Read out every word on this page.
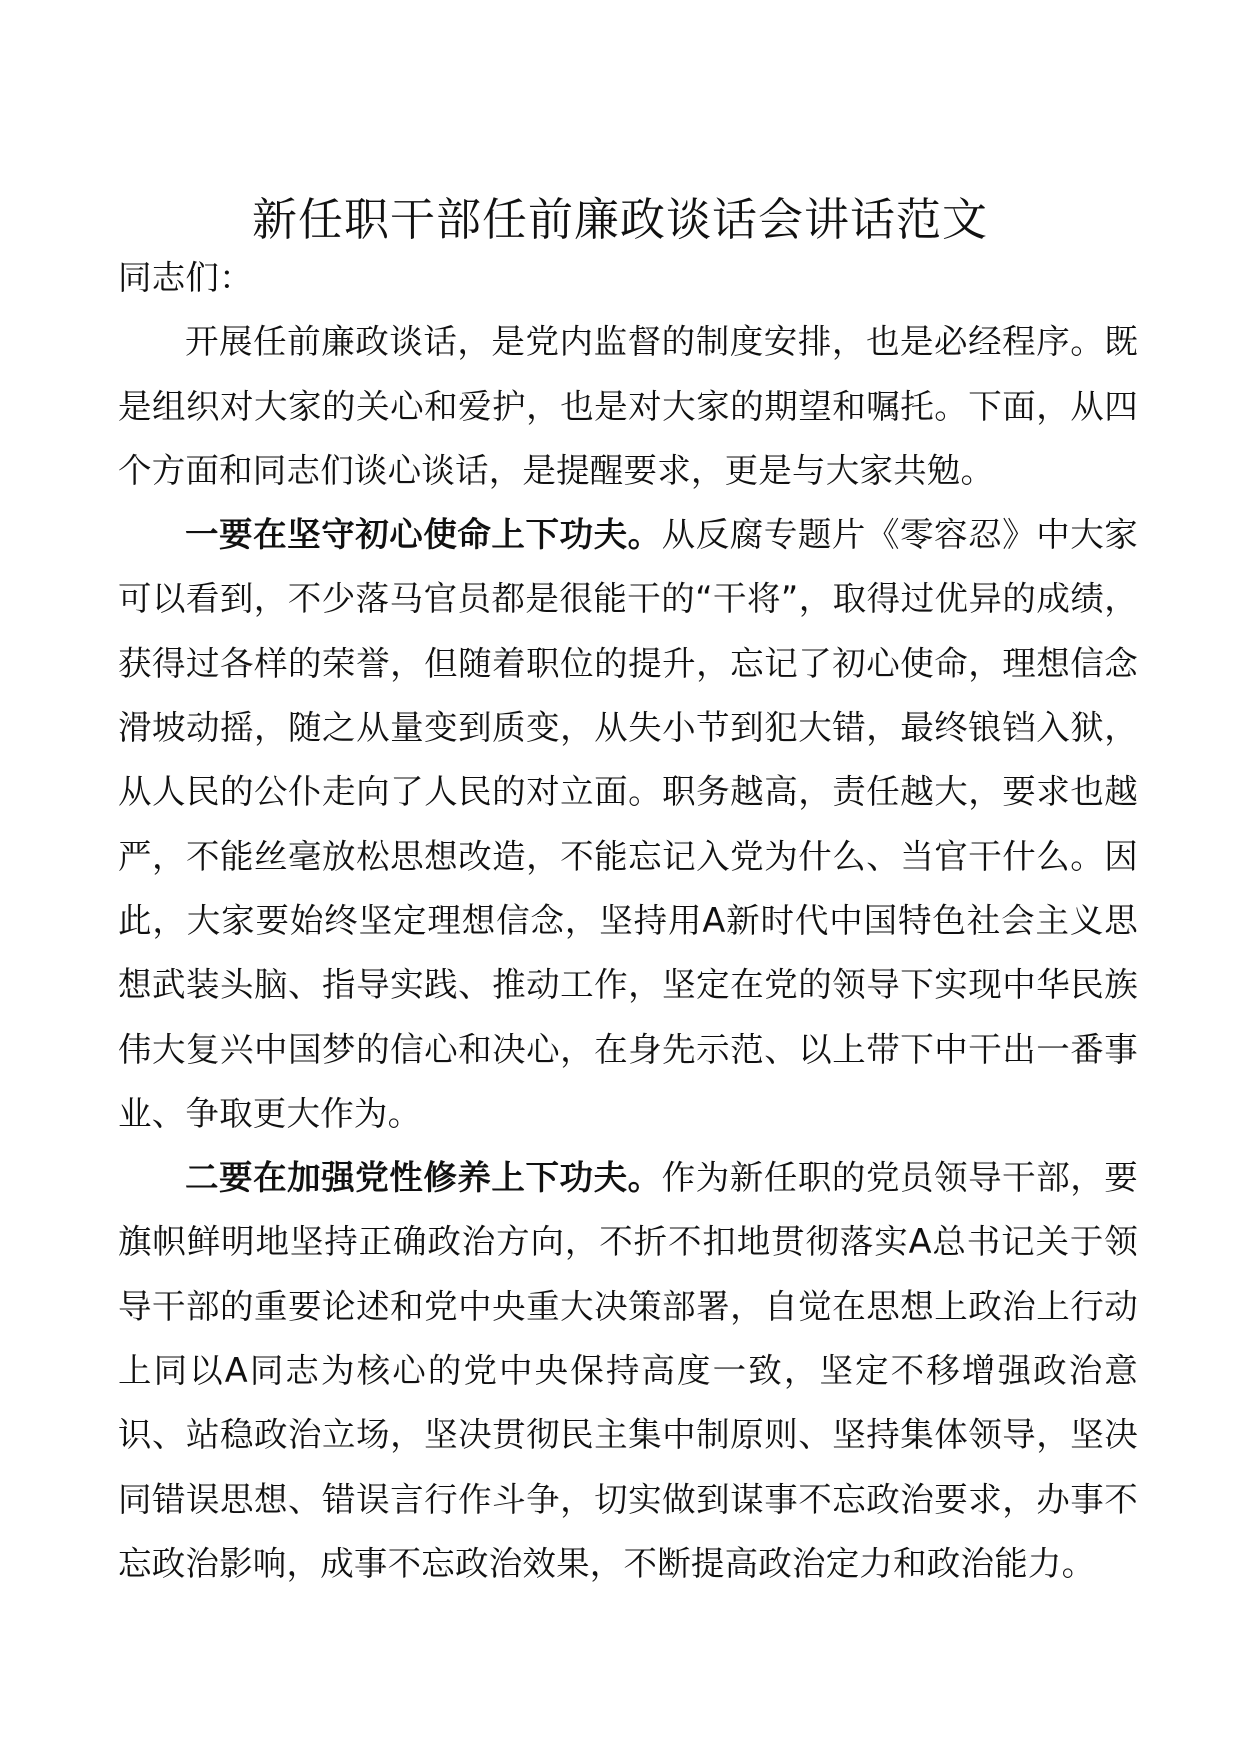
新任职干部任前廉政谈话会讲话范文

同志们：

开展任前廉政谈话，是党内监督的制度安排，也是必经程序。既是组织对大家的关心和爱护，也是对大家的期望和嘱托。下面，从四个方面和同志们谈心谈话，是提醒要求，更是与大家共勉。

一要在坚守初心使命上下功夫。从反腐专题片《零容忍》中大家可以看到，不少落马官员都是很能干的“干将”，取得过优异的成绩，获得过各样的荣誉，但随着职位的提升，忘记了初心使命，理想信念滑坡动摇，随之从量变到质变，从失小节到犯大错，最终锒铛入狱，从人民的公仆走向了人民的对立面。职务越高，责任越大，要求也越严，不能丝毫放松思想改造，不能忘记入党为什么、当官干什么。因此，大家要始终坚定理想信念，坚持用A新时代中国特色社会主义思想武装头脑、指导实践、推动工作，坚定在党的领导下实现中华民族伟大复兴中国梦的信心和决心，在身先示范、以上带下中干出一番事业、争取更大作为。

二要在加强党性修养上下功夫。作为新任职的党员领导干部，要旗帜鲜明地坚持正确政治方向，不折不扣地贯彻落实A总书记关于领导干部的重要论述和党中央重大决策部署，自觉在思想上政治上行动上同以A同志为核心的党中央保持高度一致，坚定不移增强政治意识、站稳政治立场，坚决贯彻民主集中制原则、坚持集体领导，坚决同错误思想、错误言行作斗争，切实做到谋事不忘政治要求，办事不忘政治影响，成事不忘政治效果，不断提高政治定力和政治能力。
